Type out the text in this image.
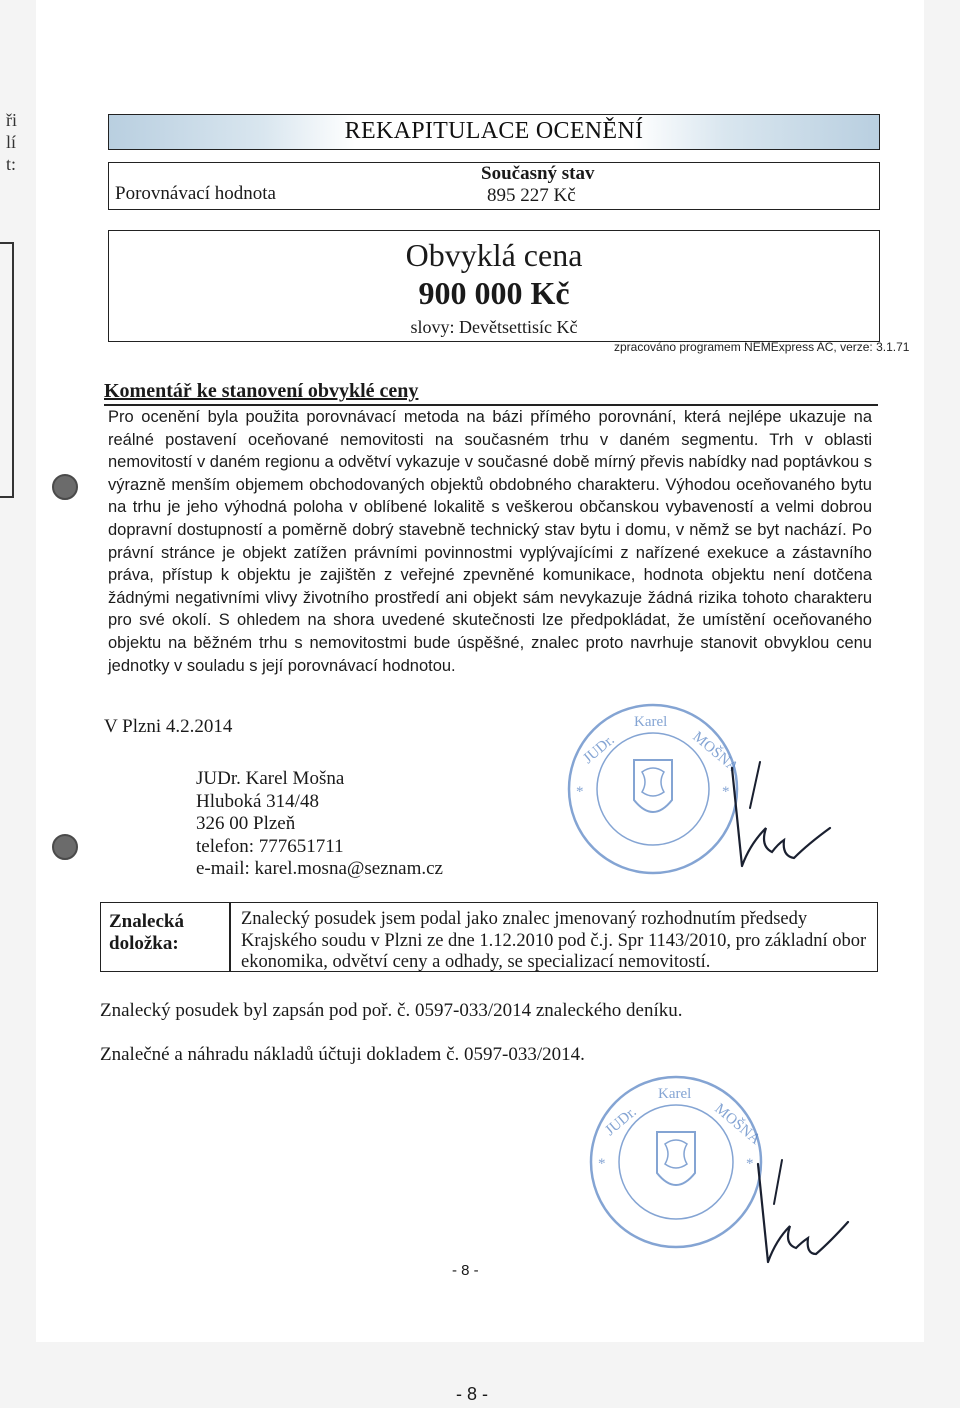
ři
lí
t:
REKAPITULACE OCENĚNÍ
Porovnávací hodnota
Současný stav
895 227 Kč
Obvyklá cena
900 000 Kč
slovy: Devětsettisíc Kč
zpracováno programem NEMExpress AC, verze: 3.1.71
Komentář ke stanovení obvyklé ceny
Pro ocenění byla použita porovnávací metoda na bázi přímého porovnání, která nejlépe ukazuje na reálné postavení oceňované nemovitosti na současném trhu v daném segmentu. Trh v oblasti nemovitostí v daném regionu a odvětví vykazuje v současné době mírný převis nabídky nad poptávkou s výrazně menším objemem obchodovaných objektů obdobného charakteru. Výhodou oceňovaného bytu na trhu je jeho výhodná poloha v oblíbené lokalitě s veškerou občanskou vybaveností a velmi dobrou dopravní dostupností a poměrně dobrý stavebně technický stav bytu i domu, v němž se byt nachází. Po právní stránce je objekt zatížen právními povinnostmi vyplývajícími z nařízené exekuce a zástavního práva, přístup k objektu je zajištěn z veřejné zpevněné komunikace, hodnota objektu není dotčena žádnými negativními vlivy životního prostředí ani objekt sám nevykazuje žádná rizika tohoto charakteru pro své okolí. S ohledem na shora uvedené skutečnosti lze předpokládat, že umístění oceňovaného objektu na běžném trhu s nemovitostmi bude úspěšné, znalec proto navrhuje stanovit obvyklou cenu jednotky v souladu s její porovnávací hodnotou.
V Plzni 4.2.2014
JUDr. Karel Mošna
Hluboká 314/48
326 00 Plzeň
telefon: 777651711
e-mail: karel.mosna@seznam.cz
JUDr.
Karel
MOŠNA
*	*
Znalecká doložka:
Znalecký posudek jsem podal jako znalec jmenovaný rozhodnutím předsedy Krajského soudu v Plzni ze dne 1.12.2010 pod č.j. Spr 1143/2010, pro základní obor ekonomika, odvětví ceny a odhady, se specializací nemovitostí.
Znalecký posudek byl zapsán pod poř. č. 0597-033/2014 znaleckého deníku.
Znalečné a náhradu nákladů účtuji dokladem č. 0597-033/2014.
JUDr.
Karel
MOŠNA
*	*
- 8 -
- 8 -
